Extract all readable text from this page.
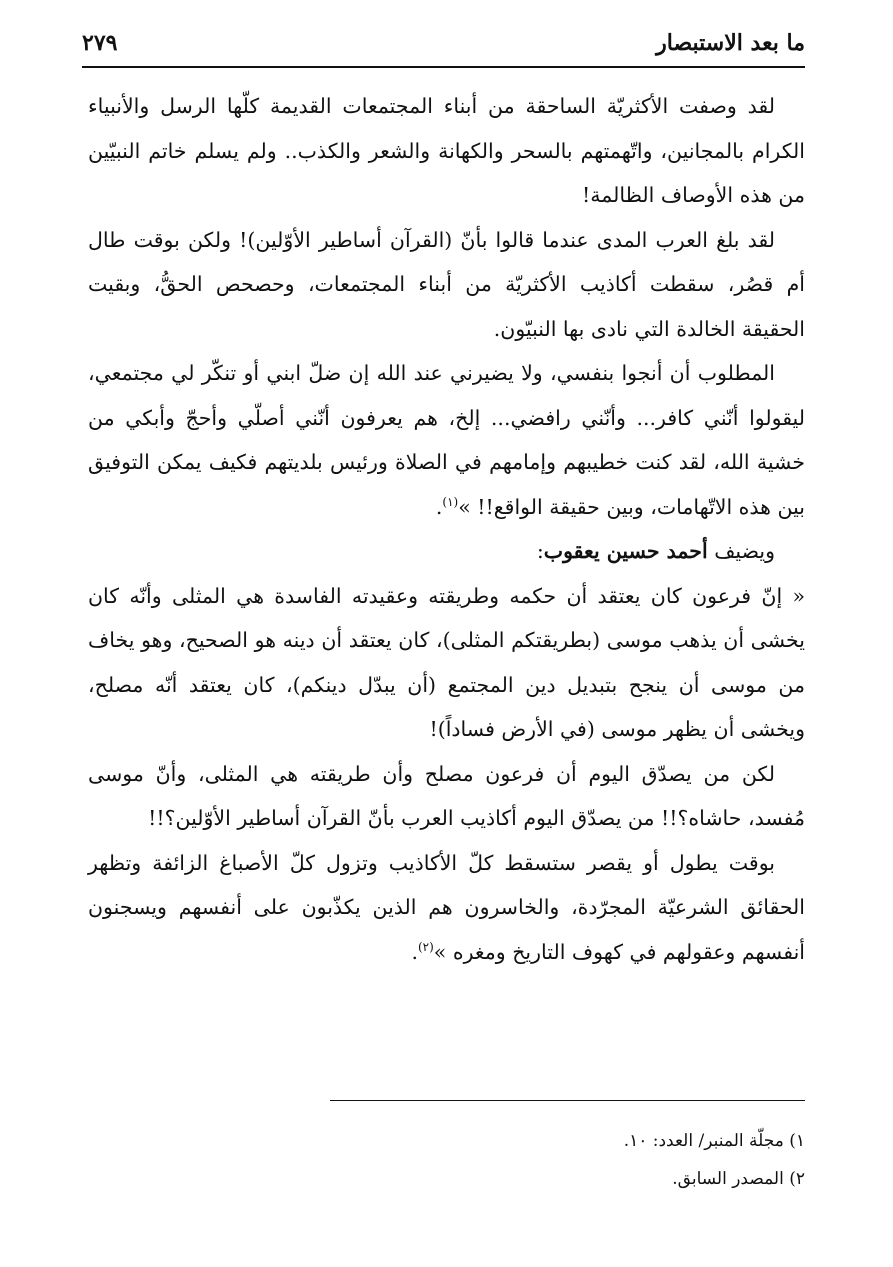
ما بعد الاستبصار
٢٧٩

لقد وصفت الأكثريّة الساحقة من أبناء المجتمعات القديمة كلّها الرسل والأنبياء الكرام بالمجانين، واتّهمتهم بالسحر والكهانة والشعر والكذب.. ولم يسلم خاتم النبيّين من هذه الأوصاف الظالمة!

لقد بلغ العرب المدى عندما قالوا بأنّ (القرآن أساطير الأوّلين)! ولكن بوقت طال أم قصُر، سقطت أكاذيب الأكثريّة من أبناء المجتمعات، وحصحص الحقُّ، وبقيت الحقيقة الخالدة التي نادى بها النبيّون.

المطلوب أن أنجوا بنفسي، ولا يضيرني عند الله إن ضلّ ابني أو تنكّر لي مجتمعي، ليقولوا أنّني كافر... وأنّني رافضي... إلخ، هم يعرفون أنّني أصلّي وأحجّ وأبكي من خشية الله، لقد كنت خطيبهم وإمامهم في الصلاة ورئيس بلديتهم فكيف يمكن التوفيق بين هذه الاتّهامات، وبين حقيقة الواقع!! »$^{(١)}$.

ويضيف أحمد حسين يعقوب:

« إنّ فرعون كان يعتقد أن حكمه وطريقته وعقيدته الفاسدة هي المثلى وأنّه كان يخشى أن يذهب موسى (بطريقتكم المثلى)، كان يعتقد أن دينه هو الصحيح، وهو يخاف من موسى أن ينجح بتبديل دين المجتمع (أن يبدّل دينكم)، كان يعتقد أنّه مصلح، ويخشى أن يظهر موسى (في الأرض فساداً)!

لكن من يصدّق اليوم أن فرعون مصلح وأن طريقته هي المثلى، وأنّ موسى مُفسد، حاشاه؟!! من يصدّق اليوم أكاذيب العرب بأنّ القرآن أساطير الأوّلين؟!!

بوقت يطول أو يقصر ستسقط كلّ الأكاذيب وتزول كلّ الأصباغ الزائفة وتظهر الحقائق الشرعيّة المجرّدة، والخاسرون هم الذين يكذّبون على أنفسهم ويسجنون أنفسهم وعقولهم في كهوف التاريخ ومغره »$^{(٢)}$.

١) مجلّة المنبر/ العدد: ١٠.

٢) المصدر السابق.
